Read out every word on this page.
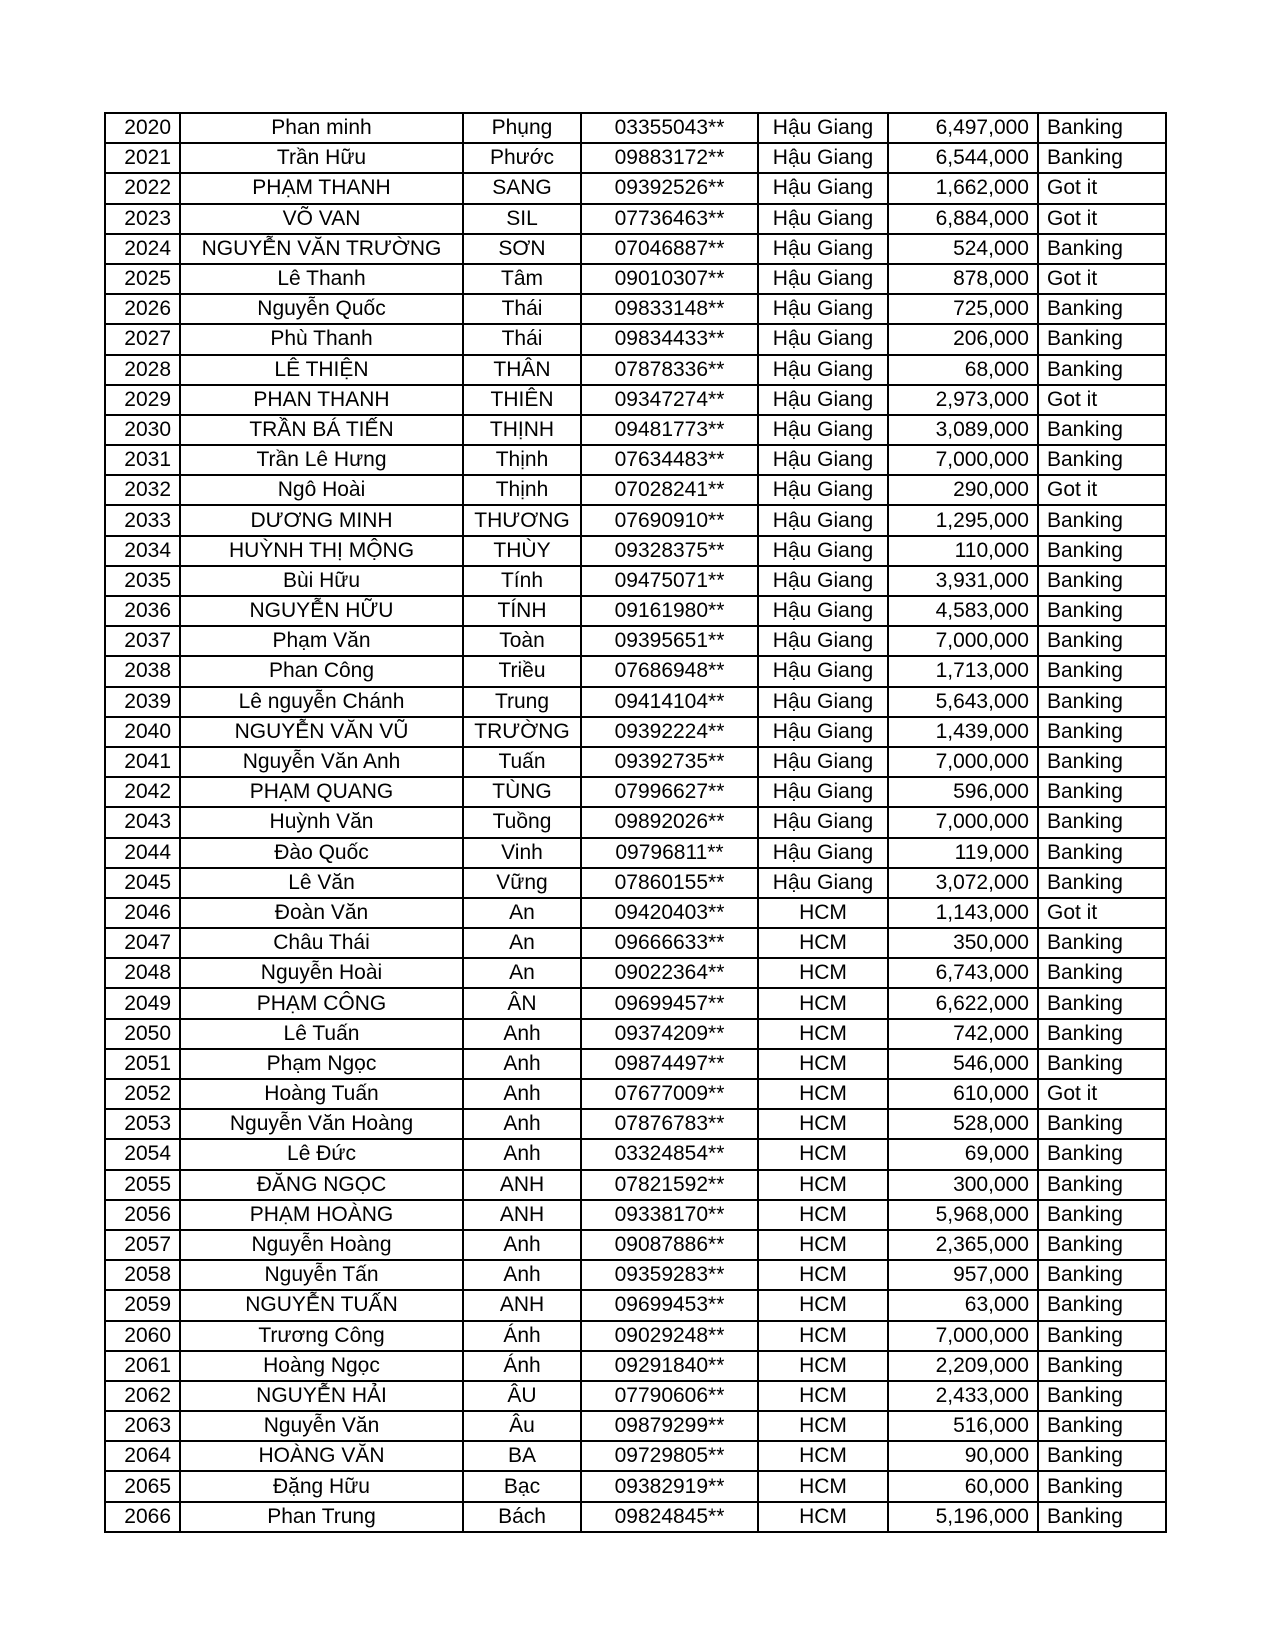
2020	Phan minh	Phụng	03355043**	Hậu Giang	6,497,000	Banking
2021	Trần Hữu	Phước	09883172**	Hậu Giang	6,544,000	Banking
2022	PHẠM THANH	SANG	09392526**	Hậu Giang	1,662,000	Got it
2023	VÕ VAN	SIL	07736463**	Hậu Giang	6,884,000	Got it
2024	NGUYỄN VĂN TRƯỜNG	SƠN	07046887**	Hậu Giang	524,000	Banking
2025	Lê Thanh	Tâm	09010307**	Hậu Giang	878,000	Got it
2026	Nguyễn Quốc	Thái	09833148**	Hậu Giang	725,000	Banking
2027	Phù Thanh	Thái	09834433**	Hậu Giang	206,000	Banking
2028	LÊ THIỆN	THÂN	07878336**	Hậu Giang	68,000	Banking
2029	PHAN THANH	THIÊN	09347274**	Hậu Giang	2,973,000	Got it
2030	TRẦN BÁ TIẾN	THỊNH	09481773**	Hậu Giang	3,089,000	Banking
2031	Trần Lê Hưng	Thịnh	07634483**	Hậu Giang	7,000,000	Banking
2032	Ngô Hoài	Thịnh	07028241**	Hậu Giang	290,000	Got it
2033	DƯƠNG MINH	THƯƠNG	07690910**	Hậu Giang	1,295,000	Banking
2034	HUỲNH THỊ MỘNG	THÙY	09328375**	Hậu Giang	110,000	Banking
2035	Bùi Hữu	Tính	09475071**	Hậu Giang	3,931,000	Banking
2036	NGUYỄN HỮU	TÍNH	09161980**	Hậu Giang	4,583,000	Banking
2037	Phạm Văn	Toàn	09395651**	Hậu Giang	7,000,000	Banking
2038	Phan Công	Triều	07686948**	Hậu Giang	1,713,000	Banking
2039	Lê nguyễn Chánh	Trung	09414104**	Hậu Giang	5,643,000	Banking
2040	NGUYỄN VĂN VŨ	TRƯỜNG	09392224**	Hậu Giang	1,439,000	Banking
2041	Nguyễn Văn Anh	Tuấn	09392735**	Hậu Giang	7,000,000	Banking
2042	PHẠM QUANG	TÙNG	07996627**	Hậu Giang	596,000	Banking
2043	Huỳnh Văn	Tuồng	09892026**	Hậu Giang	7,000,000	Banking
2044	Đào Quốc	Vinh	09796811**	Hậu Giang	119,000	Banking
2045	Lê Văn	Vững	07860155**	Hậu Giang	3,072,000	Banking
2046	Đoàn Văn	An	09420403**	HCM	1,143,000	Got it
2047	Châu Thái	An	09666633**	HCM	350,000	Banking
2048	Nguyễn Hoài	An	09022364**	HCM	6,743,000	Banking
2049	PHẠM CÔNG	ÂN	09699457**	HCM	6,622,000	Banking
2050	Lê Tuấn	Anh	09374209**	HCM	742,000	Banking
2051	Phạm Ngọc	Anh	09874497**	HCM	546,000	Banking
2052	Hoàng Tuấn	Anh	07677009**	HCM	610,000	Got it
2053	Nguyễn Văn Hoàng	Anh	07876783**	HCM	528,000	Banking
2054	Lê Đức	Anh	03324854**	HCM	69,000	Banking
2055	ĐĂNG NGỌC	ANH	07821592**	HCM	300,000	Banking
2056	PHẠM HOÀNG	ANH	09338170**	HCM	5,968,000	Banking
2057	Nguyễn Hoàng	Anh	09087886**	HCM	2,365,000	Banking
2058	Nguyễn Tấn	Anh	09359283**	HCM	957,000	Banking
2059	NGUYỄN TUẤN	ANH	09699453**	HCM	63,000	Banking
2060	Trương Công	Ánh	09029248**	HCM	7,000,000	Banking
2061	Hoàng Ngọc	Ánh	09291840**	HCM	2,209,000	Banking
2062	NGUYỄN HẢI	ÂU	07790606**	HCM	2,433,000	Banking
2063	Nguyễn Văn	Âu	09879299**	HCM	516,000	Banking
2064	HOÀNG VĂN	BA	09729805**	HCM	90,000	Banking
2065	Đặng Hữu	Bạc	09382919**	HCM	60,000	Banking
2066	Phan Trung	Bách	09824845**	HCM	5,196,000	Banking
